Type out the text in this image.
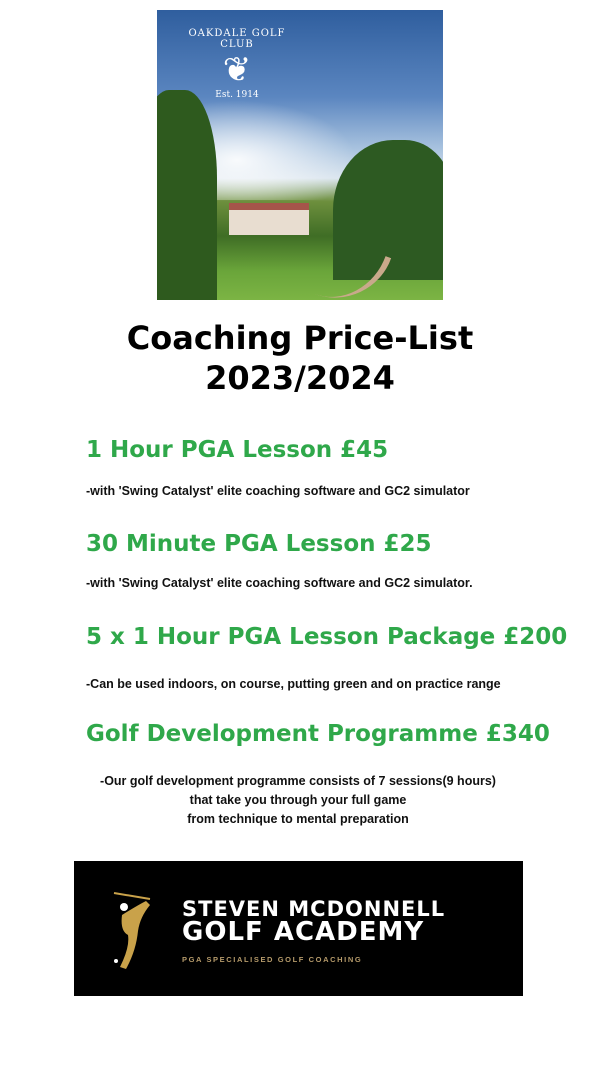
OAKDALE GOLF CLUB
❦
Est. 1914
Coaching Price-List
2023/2024
1 Hour PGA Lesson £45
-with 'Swing Catalyst' elite coaching software and GC2 simulator
30 Minute PGA Lesson £25
-with 'Swing Catalyst' elite coaching software and GC2 simulator.
5 x 1 Hour PGA Lesson Package £200
-Can be used indoors, on course, putting green and on practice range
Golf Development Programme £340
-Our golf development programme consists of 7 sessions(9 hours)
that take you through your full game
from technique to mental preparation
STEVEN MCDONNELL
GOLF ACADEMY
PGA SPECIALISED GOLF COACHING
